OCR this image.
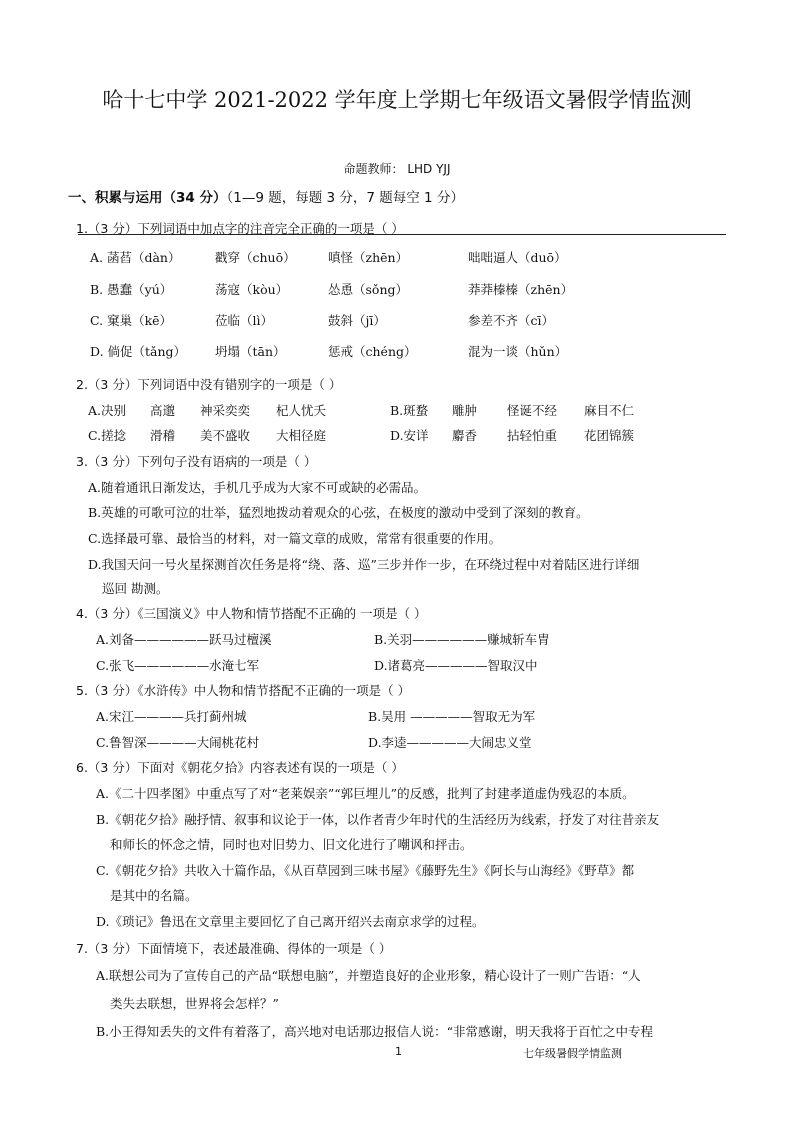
哈十七中学 2021-2022 学年度上学期七年级语文暑假学情监测
命题教师： LHD YJJ
一、积累与运用（34 分）（1—9 题，每题 3 分，7 题每空 1 分）
1.（3 分）下列词语中加点字的注音完全正确的一项是（ ）
A. 菡萏（dàn）	戳穿（chuō）	嗔怪（zhēn）	咄咄逼人（duō）
B. 愚蠢（yú）	荡寇（kòu）	怂恿（sǒng）	莽莽榛榛（zhēn）
C. 窠巢（kē）	莅临（lì）	鼓斜（jī）	参差不齐（cī）
D. 倘促（tǎng） 坍塌（tān）	惩戒（chéng）	混为一谈（hǔn）
2.（3 分）下列词语中没有错别字的一项是（ ）
A.决别 高邈 神采奕奕 杞人忧夭	B.斑蝥 雕肿 怪诞不经 麻目不仁
C.搓捻 滑稽 美不盛收 大相径庭	D.安详 麝香 拈轻怕重 花团锦簇
3.（3 分）下列句子没有语病的一项是（ ）
A.随着通讯日渐发达，手机几乎成为大家不可或缺的必需品。
B.英雄的可歌可泣的壮举，猛烈地拨动着观众的心弦，在极度的激动中受到了深刻的教育。
C.选择最可靠、最恰当的材料，对一篇文章的成败，常常有很重要的作用。
D.我国天问一号火星探测首次任务是将“绕、落、巡”三步并作一步，在环绕过程中对着陆区进行详细
巡回 勘测。
4.（3 分）《三国演义》中人物和情节搭配不正确的 一项是（ ）
A.刘备——————跃马过檀溪	B.关羽——————赚城斩车胄
C.张飞——————水淹七军	D.诸葛亮—————智取汉中
5.（3 分）《水浒传》中人物和情节搭配不正确的一项是（ ）
A.宋江————兵打蓟州城	B.吴用 —————智取无为军
C.鲁智深————大闹桃花村	D.李逵—————大闹忠义堂
6.（3 分）下面对《朝花夕拾》内容表述有误的一项是（ ）
A.《二十四孝图》中重点写了对“老莱娱亲”“郭巨埋儿”的反感，批判了封建孝道虚伪残忍的本质。
B.《朝花夕拾》融抒情、叙事和议论于一体，以作者青少年时代的生活经历为线索，抒发了对往昔亲友
和师长的怀念之情，同时也对旧势力、旧文化进行了嘲讽和抨击。
C.《朝花夕拾》共收入十篇作品，《从百草园到三味书屋》《藤野先生》《阿长与山海经》《野草》都
是其中的名篇。
D.《琐记》鲁迅在文章里主要回忆了自己离开绍兴去南京求学的过程。
7.（3 分）下面情境下，表述最准确、得体的一项是（ ）
A.联想公司为了宣传自己的产品“联想电脑”，并塑造良好的企业形象，精心设计了一则广告语：“人
类失去联想，世界将会怎样？”
B.小王得知丢失的文件有着落了，高兴地对电话那边报信人说：“非常感谢，明天我将于百忙之中专程
1	七年级暑假学情监测
